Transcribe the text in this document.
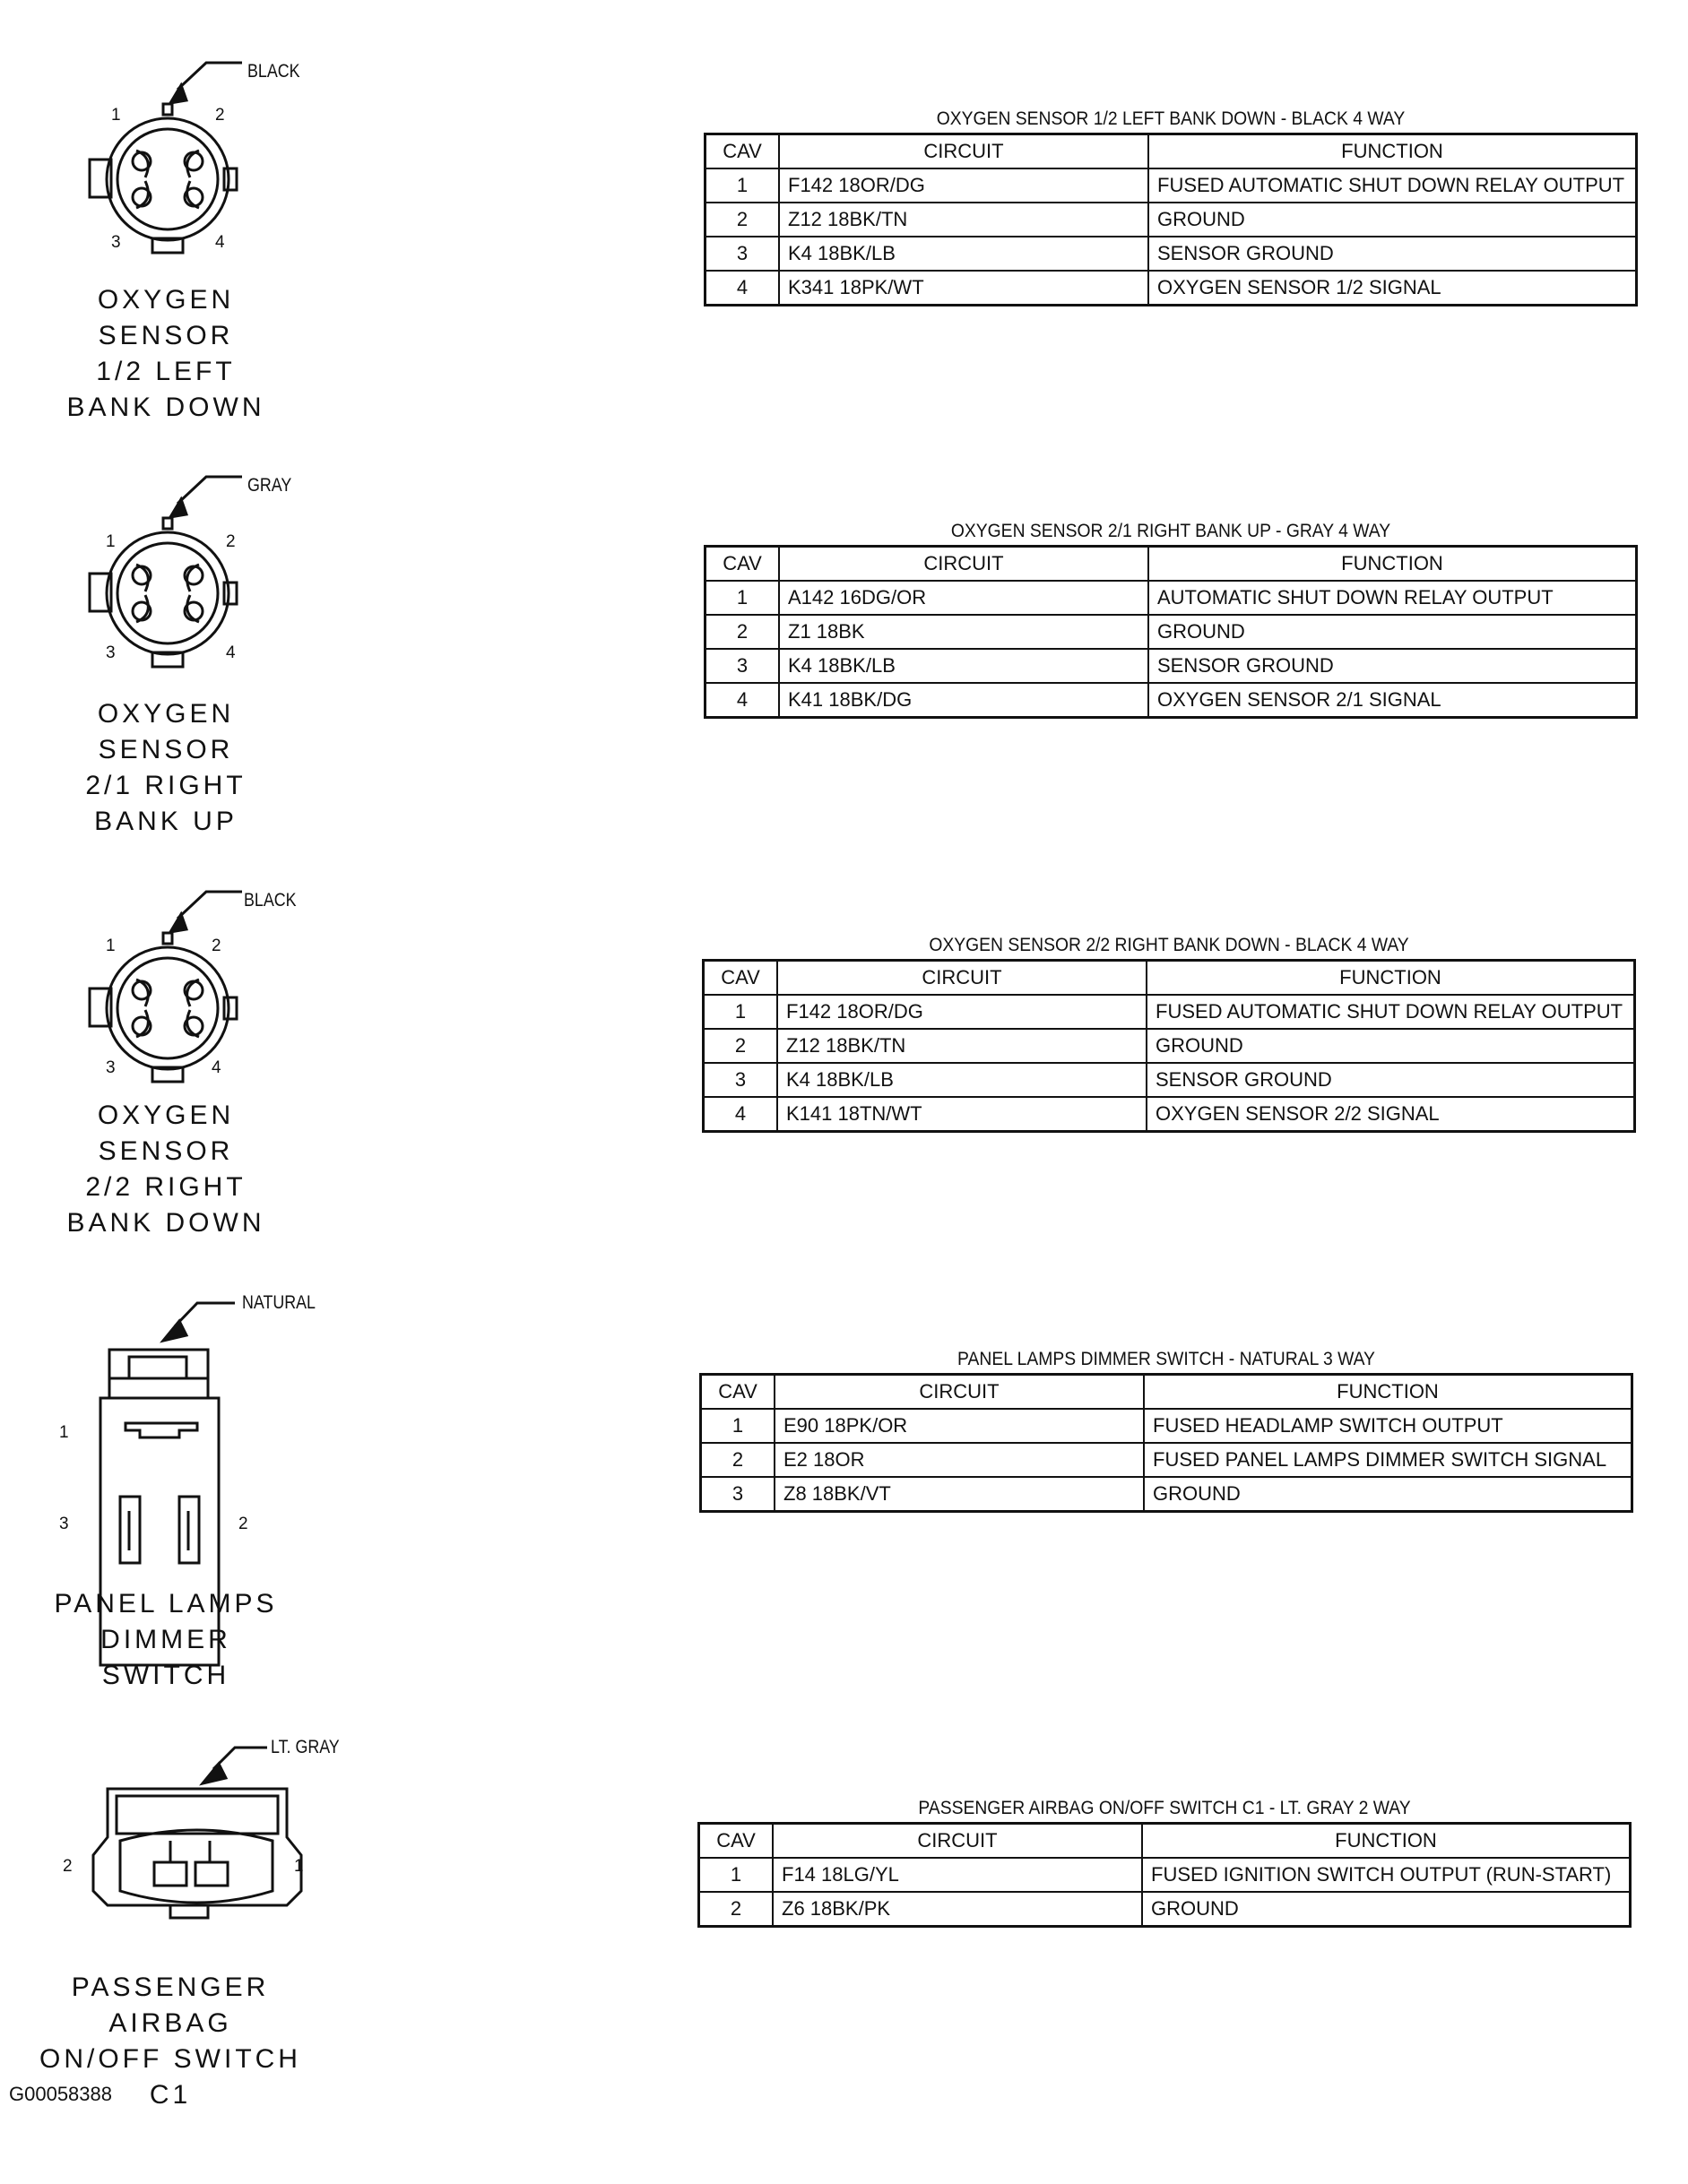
BLACK
1	2
3	4
OXYGEN SENSOR
1/2 LEFT
BANK DOWN
OXYGEN SENSOR 1/2 LEFT BANK DOWN - BLACK 4 WAY
CAV	CIRCUIT	FUNCTION
1	F142 18OR/DG	FUSED AUTOMATIC SHUT DOWN RELAY OUTPUT
2	Z12 18BK/TN	GROUND
3	K4 18BK/LB	SENSOR GROUND
4	K341 18PK/WT	OXYGEN SENSOR 1/2 SIGNAL
GRAY
1	2
3	4
OXYGEN SENSOR
2/1 RIGHT
BANK UP
OXYGEN SENSOR 2/1 RIGHT BANK UP - GRAY 4 WAY
CAV	CIRCUIT	FUNCTION
1	A142 16DG/OR	AUTOMATIC SHUT DOWN RELAY OUTPUT
2	Z1 18BK	GROUND
3	K4 18BK/LB	SENSOR GROUND
4	K41 18BK/DG	OXYGEN SENSOR 2/1 SIGNAL
BLACK
1	2
3	4
OXYGEN SENSOR
2/2 RIGHT
BANK DOWN
OXYGEN SENSOR 2/2 RIGHT BANK DOWN - BLACK 4 WAY
CAV	CIRCUIT	FUNCTION
1	F142 18OR/DG	FUSED AUTOMATIC SHUT DOWN RELAY OUTPUT
2	Z12 18BK/TN	GROUND
3	K4 18BK/LB	SENSOR GROUND
4	K141 18TN/WT	OXYGEN SENSOR 2/2 SIGNAL
NATURAL
1
2
3
PANEL LAMPS
DIMMER SWITCH
PANEL LAMPS DIMMER SWITCH - NATURAL 3 WAY
CAV	CIRCUIT	FUNCTION
1	E90 18PK/OR	FUSED HEADLAMP SWITCH OUTPUT
2	E2 18OR	FUSED PANEL LAMPS DIMMER SWITCH SIGNAL
3	Z8 18BK/VT	GROUND
LT. GRAY
1
2
PASSENGER AIRBAG
ON/OFF SWITCH C1
PASSENGER AIRBAG ON/OFF SWITCH C1 - LT. GRAY 2 WAY
CAV	CIRCUIT	FUNCTION
1	F14 18LG/YL	FUSED IGNITION SWITCH OUTPUT (RUN-START)
2	Z6 18BK/PK	GROUND
G00058388
